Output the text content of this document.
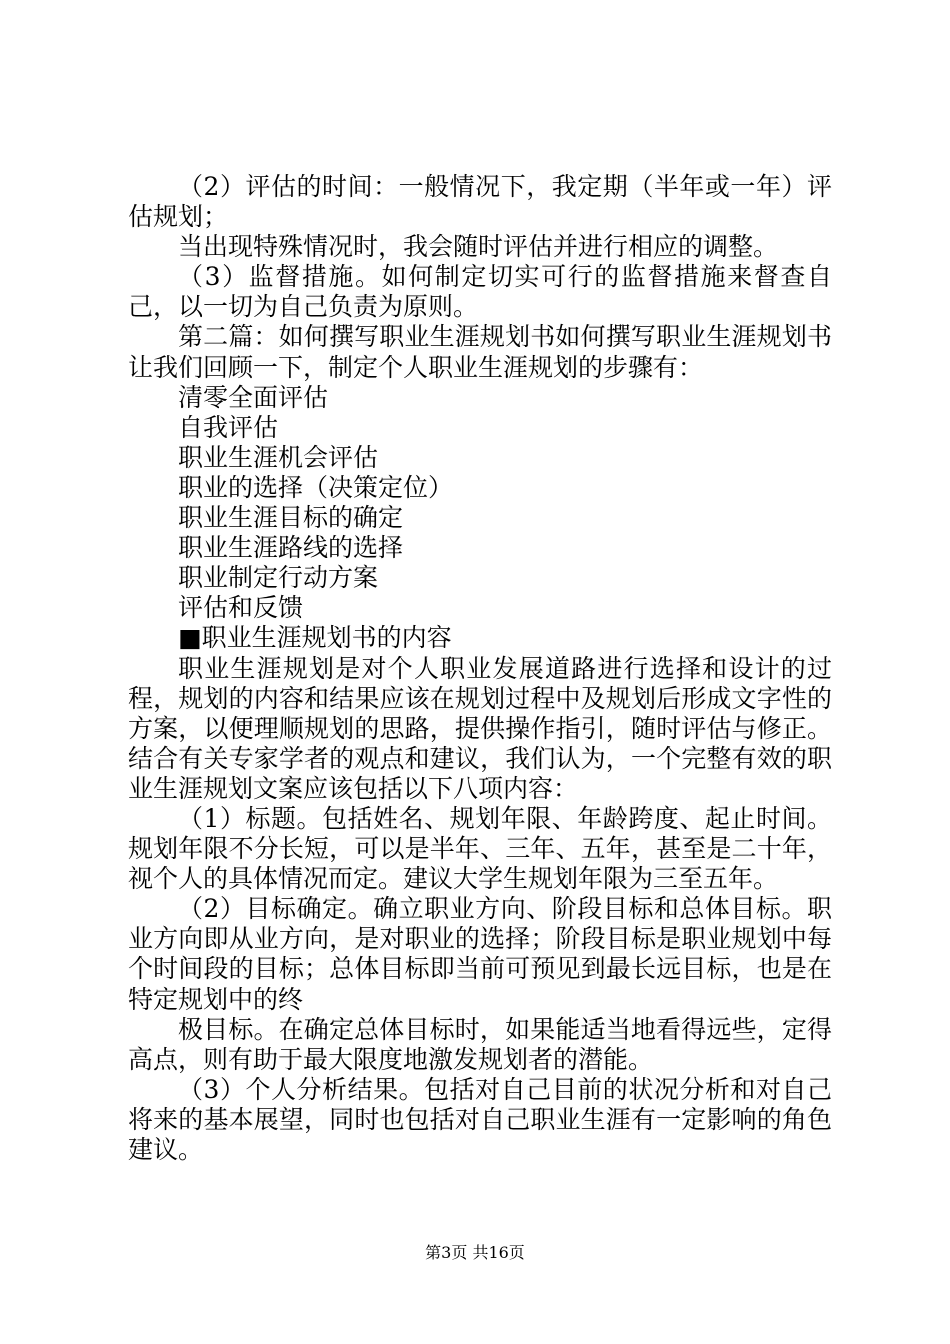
（2）评估的时间：一般情况下，我定期（半年或一年）评估规划；

当出现特殊情况时，我会随时评估并进行相应的调整。

（3）监督措施。如何制定切实可行的监督措施来督查自己，以一切为自己负责为原则。

第二篇：如何撰写职业生涯规划书如何撰写职业生涯规划书让我们回顾一下，制定个人职业生涯规划的步骤有：

清零全面评估

自我评估

职业生涯机会评估

职业的选择（决策定位）

职业生涯目标的确定

职业生涯路线的选择

职业制定行动方案

评估和反馈

■职业生涯规划书的内容

职业生涯规划是对个人职业发展道路进行选择和设计的过程，规划的内容和结果应该在规划过程中及规划后形成文字性的方案，以便理顺规划的思路，提供操作指引，随时评估与修正。结合有关专家学者的观点和建议，我们认为，一个完整有效的职业生涯规划文案应该包括以下八项内容：

（1）标题。包括姓名、规划年限、年龄跨度、起止时间。规划年限不分长短，可以是半年、三年、五年，甚至是二十年，视个人的具体情况而定。建议大学生规划年限为三至五年。

（2）目标确定。确立职业方向、阶段目标和总体目标。职业方向即从业方向，是对职业的选择；阶段目标是职业规划中每个时间段的目标；总体目标即当前可预见到最长远目标，也是在特定规划中的终

极目标。在确定总体目标时，如果能适当地看得远些，定得高点，则有助于最大限度地激发规划者的潜能。

（3）个人分析结果。包括对自己目前的状况分析和对自己将来的基本展望，同时也包括对自己职业生涯有一定影响的角色建议。

第3页 共16页
